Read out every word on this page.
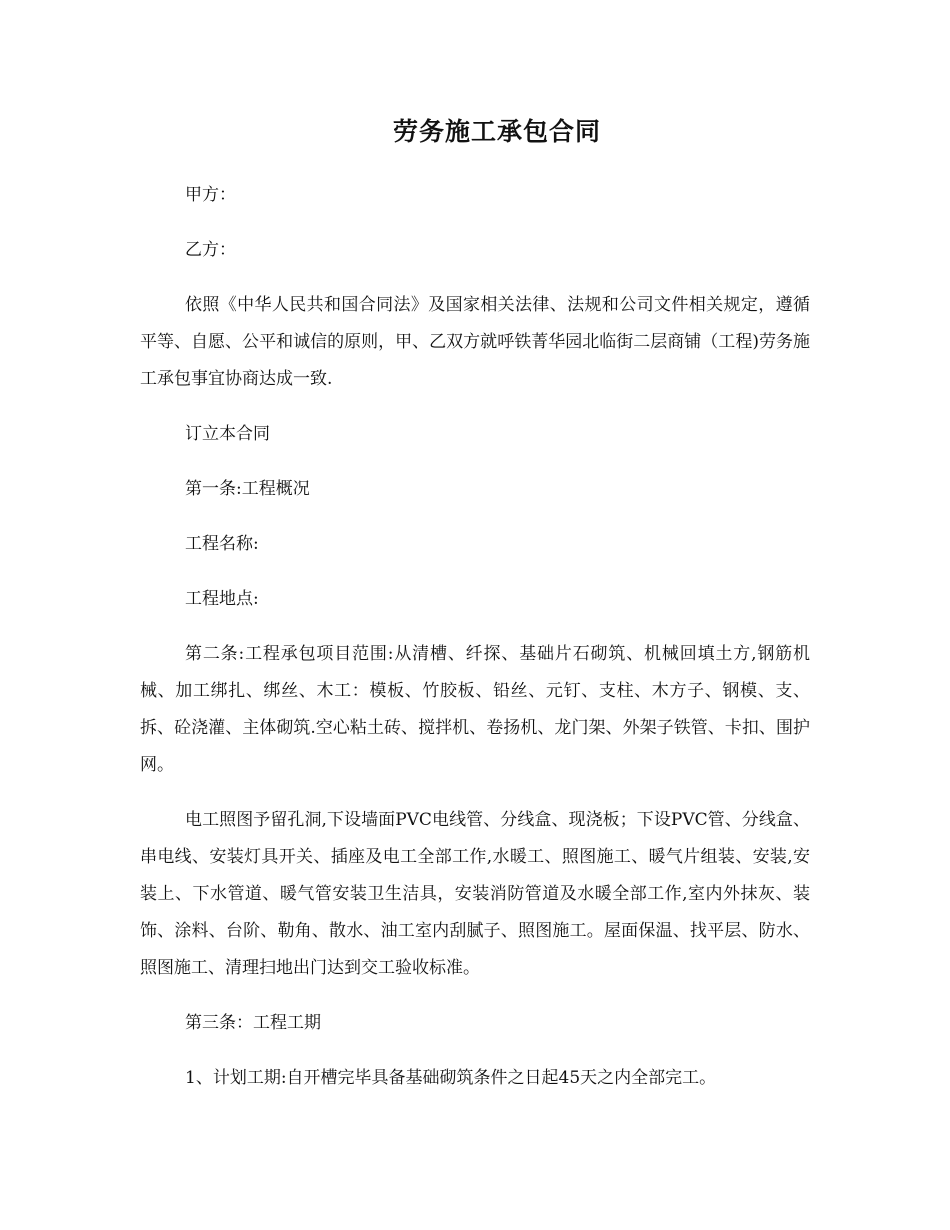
劳务施工承包合同

甲方：

乙方：

依照《中华人民共和国合同法》及国家相关法律、法规和公司文件相关规定，遵循平等、自愿、公平和诚信的原则，甲、乙双方就呼铁菁华园北临街二层商铺（工程)劳务施工承包事宜协商达成一致.

订立本合同

第一条:工程概况

工程名称:

工程地点:

第二条:工程承包项目范围:从清槽、纤探、基础片石砌筑、机械回填土方,钢筋机械、加工绑扎、绑丝、木工：模板、竹胶板、铅丝、元钉、支柱、木方子、钢模、支、拆、砼浇灌、主体砌筑.空心粘土砖、搅拌机、卷扬机、龙门架、外架子铁管、卡扣、围护网。

电工照图予留孔洞,下设墙面PVC电线管、分线盒、现浇板；下设PVC管、分线盒、串电线、安装灯具开关、插座及电工全部工作,水暖工、照图施工、暖气片组装、安装,安装上、下水管道、暖气管安装卫生洁具，安装消防管道及水暖全部工作,室内外抹灰、装饰、涂料、台阶、勒角、散水、油工室内刮腻子、照图施工。屋面保温、找平层、防水、照图施工、清理扫地出门达到交工验收标准。

第三条：工程工期

1、计划工期:自开槽完毕具备基础砌筑条件之日起45天之内全部完工。
